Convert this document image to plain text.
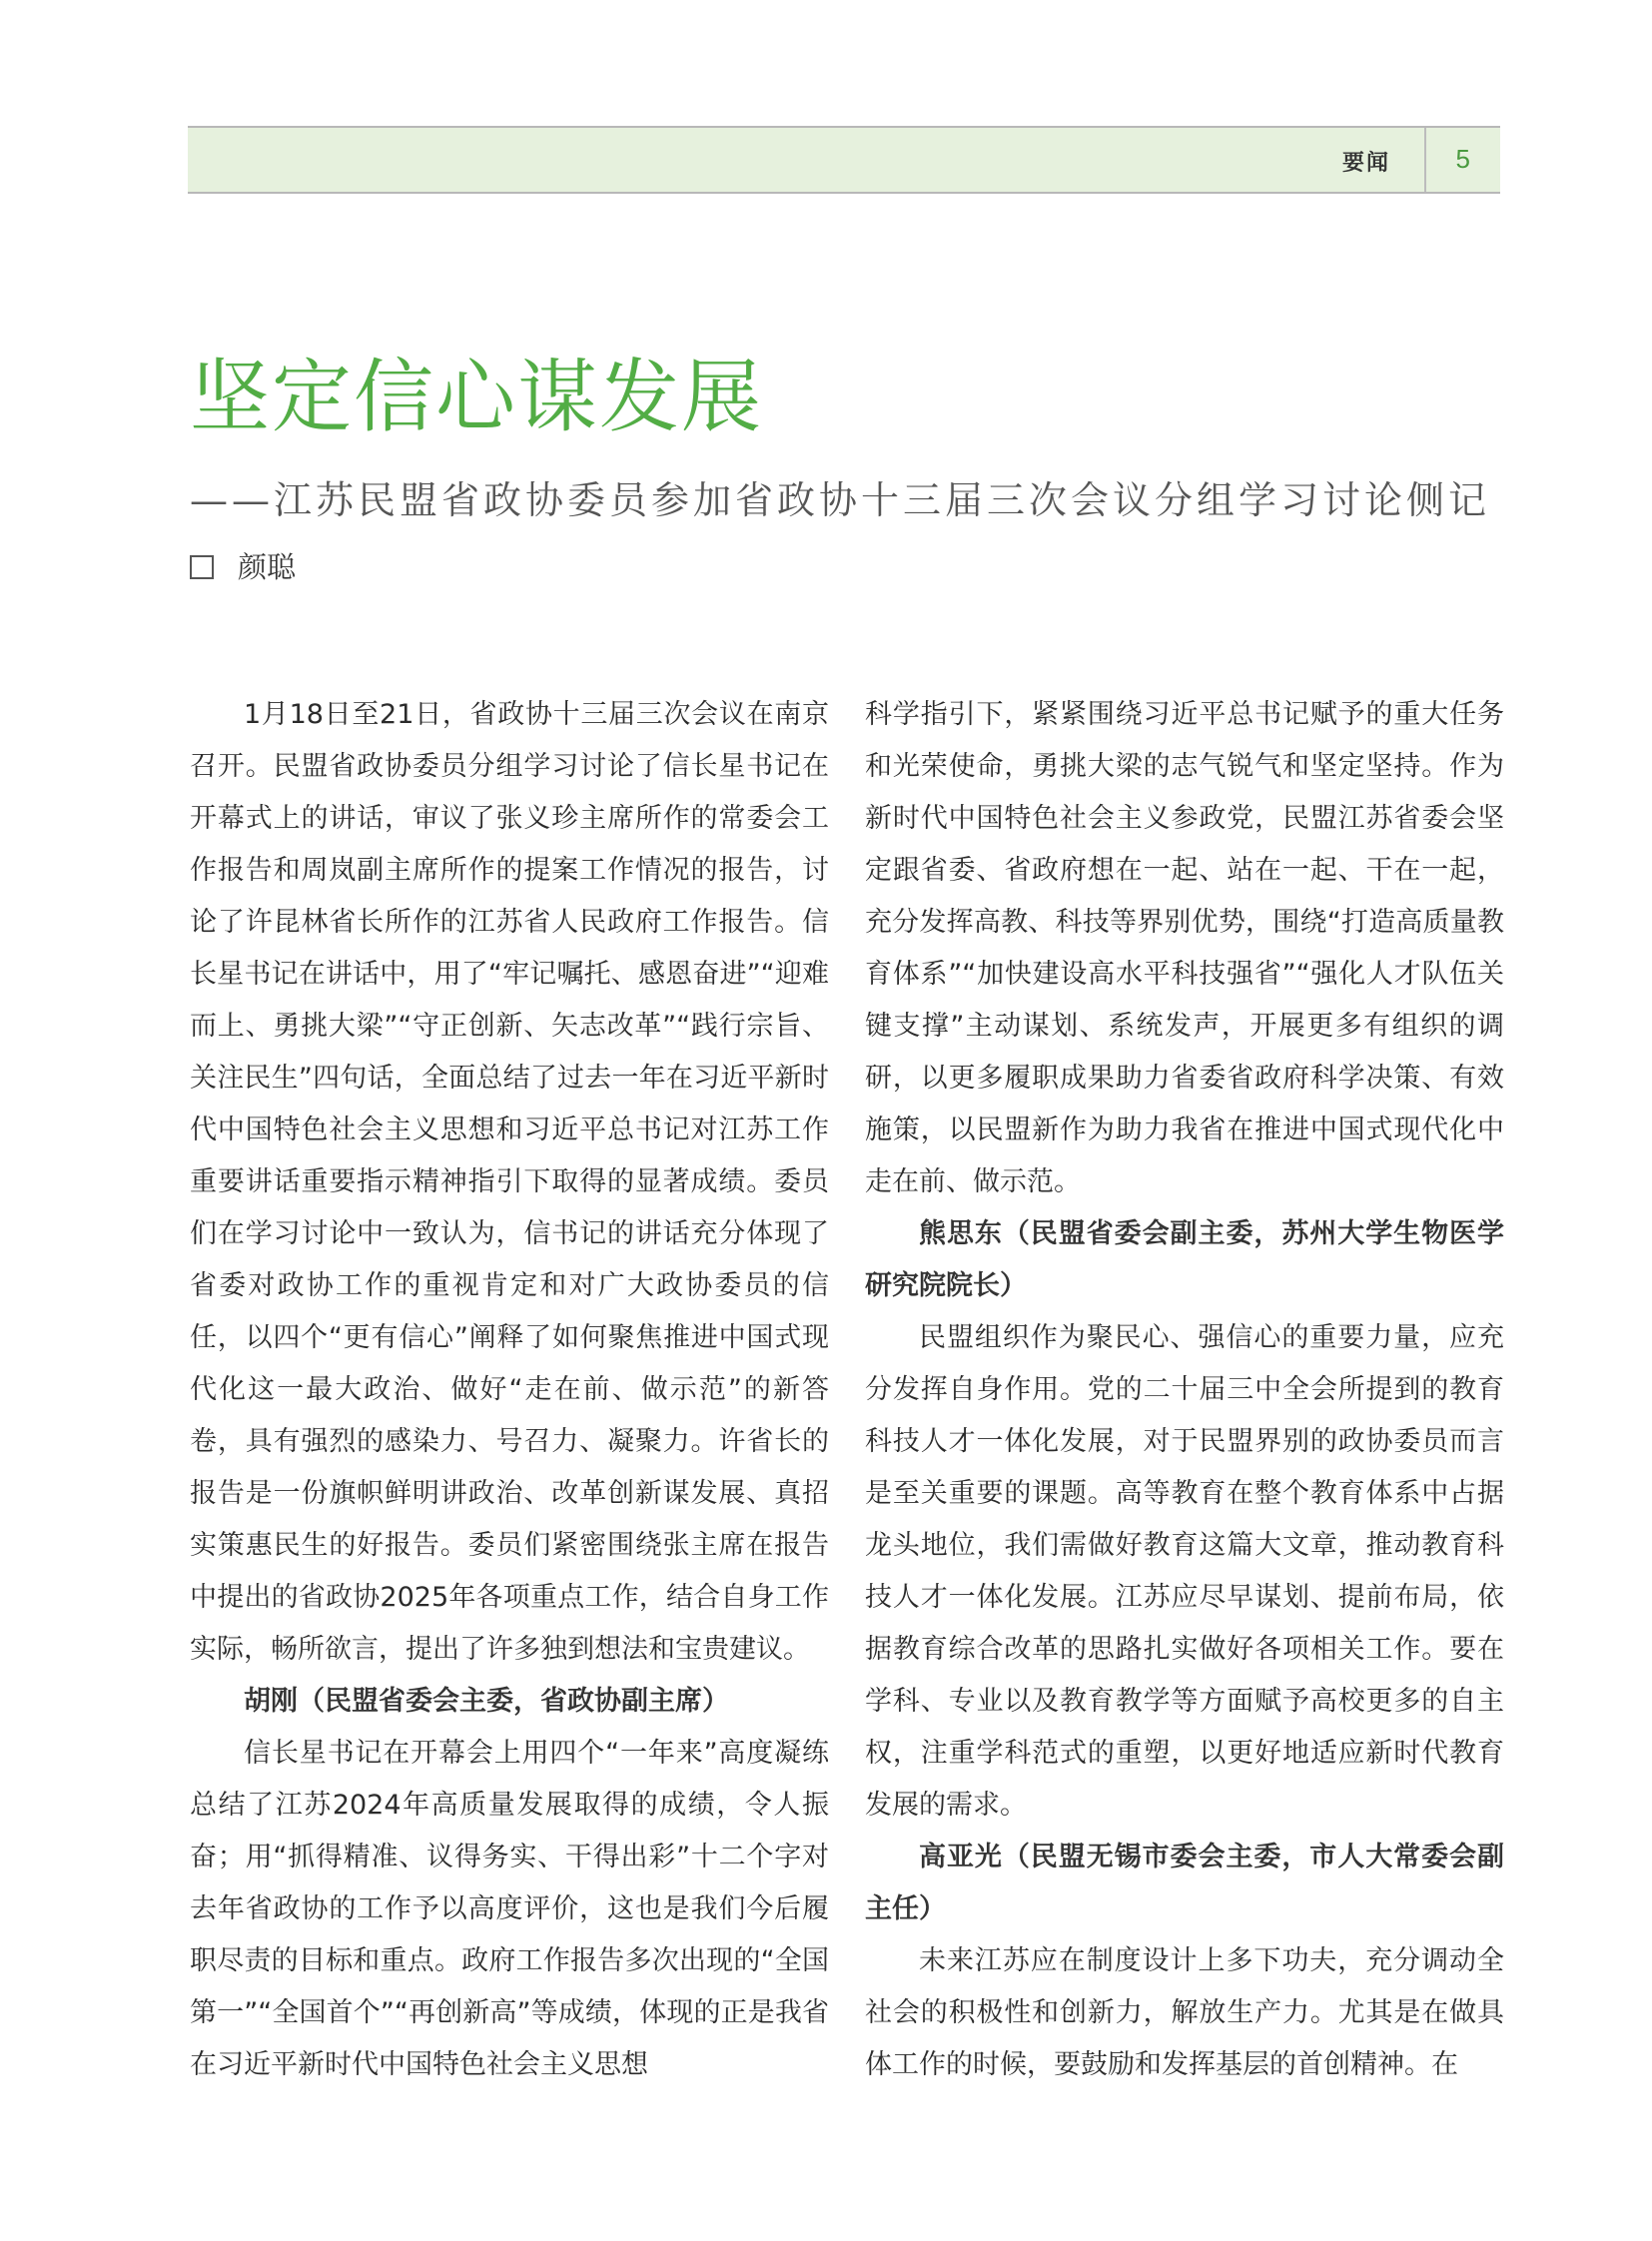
要闻	5
坚定信心谋发展
——江苏民盟省政协委员参加省政协十三届三次会议分组学习讨论侧记
颜聪

1月18日至21日，省政协十三届三次会议在南京召开。民盟省政协委员分组学习讨论了信长星书记在开幕式上的讲话，审议了张义珍主席所作的常委会工作报告和周岚副主席所作的提案工作情况的报告，讨论了许昆林省长所作的江苏省人民政府工作报告。信长星书记在讲话中，用了“牢记嘱托、感恩奋进”“迎难而上、勇挑大梁”“守正创新、矢志改革”“践行宗旨、关注民生”四句话，全面总结了过去一年在习近平新时代中国特色社会主义思想和习近平总书记对江苏工作重要讲话重要指示精神指引下取得的显著成绩。委员们在学习讨论中一致认为，信书记的讲话充分体现了省委对政协工作的重视肯定和对广大政协委员的信任，以四个“更有信心”阐释了如何聚焦推进中国式现代化这一最大政治、做好“走在前、做示范”的新答卷，具有强烈的感染力、号召力、凝聚力。许省长的报告是一份旗帜鲜明讲政治、改革创新谋发展、真招实策惠民生的好报告。委员们紧密围绕张主席在报告中提出的省政协2025年各项重点工作，结合自身工作实际，畅所欲言，提出了许多独到想法和宝贵建议。

胡刚（民盟省委会主委，省政协副主席）

信长星书记在开幕会上用四个“一年来”高度凝练总结了江苏2024年高质量发展取得的成绩，令人振奋；用“抓得精准、议得务实、干得出彩”十二个字对去年省政协的工作予以高度评价，这也是我们今后履职尽责的目标和重点。政府工作报告多次出现的“全国第一”“全国首个”“再创新高”等成绩，体现的正是我省在习近平新时代中国特色社会主义思想

科学指引下，紧紧围绕习近平总书记赋予的重大任务和光荣使命，勇挑大梁的志气锐气和坚定坚持。作为新时代中国特色社会主义参政党，民盟江苏省委会坚定跟省委、省政府想在一起、站在一起、干在一起，充分发挥高教、科技等界别优势，围绕“打造高质量教育体系”“加快建设高水平科技强省”“强化人才队伍关键支撑”主动谋划、系统发声，开展更多有组织的调研，以更多履职成果助力省委省政府科学决策、有效施策，以民盟新作为助力我省在推进中国式现代化中走在前、做示范。

熊思东（民盟省委会副主委，苏州大学生物医学研究院院长）

民盟组织作为聚民心、强信心的重要力量，应充分发挥自身作用。党的二十届三中全会所提到的教育科技人才一体化发展，对于民盟界别的政协委员而言是至关重要的课题。高等教育在整个教育体系中占据龙头地位，我们需做好教育这篇大文章，推动教育科技人才一体化发展。江苏应尽早谋划、提前布局，依据教育综合改革的思路扎实做好各项相关工作。要在学科、专业以及教育教学等方面赋予高校更多的自主权，注重学科范式的重塑，以更好地适应新时代教育发展的需求。

高亚光（民盟无锡市委会主委，市人大常委会副主任）

未来江苏应在制度设计上多下功夫，充分调动全社会的积极性和创新力，解放生产力。尤其是在做具体工作的时候，要鼓励和发挥基层的首创精神。在
